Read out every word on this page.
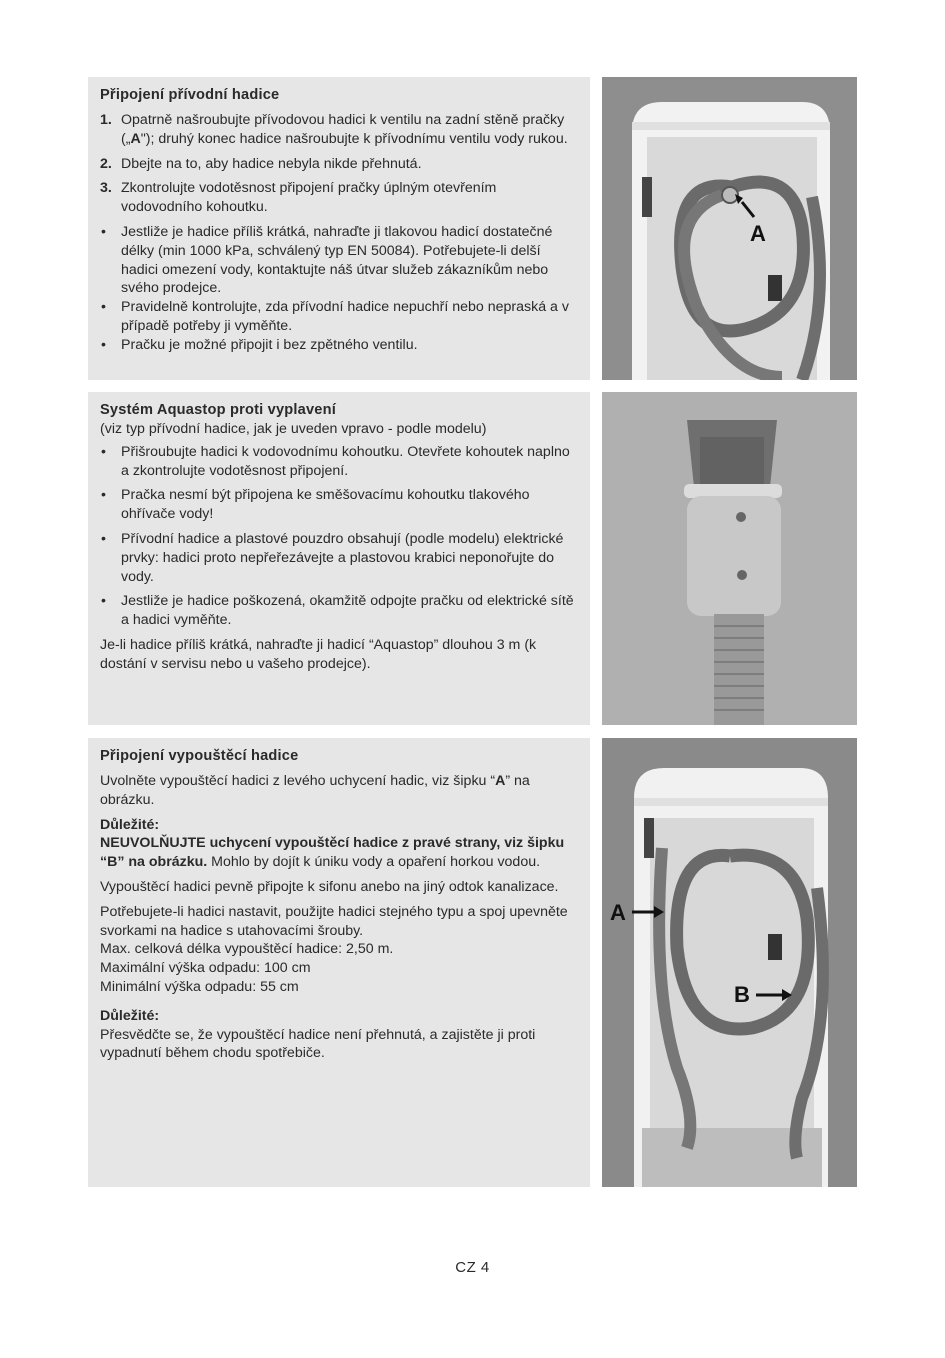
Připojení přívodní hadice
1. Opatrně našroubujte přívodovou hadici k ventilu na zadní stěně pračky („A"); druhý konec hadice našroubujte k přívodnímu ventilu vody rukou.
2. Dbejte na to, aby hadice nebyla nikde přehnutá.
3. Zkontrolujte vodotěsnost připojení pračky úplným otevřením vodovodního kohoutku.
• Jestliže je hadice příliš krátká, nahraďte ji tlakovou hadicí dostatečné délky (min 1000 kPa, schválený typ EN 50084). Potřebujete-li delší hadici omezení vody, kontaktujte náš útvar služeb zákazníkům nebo svého prodejce.
• Pravidelně kontrolujte, zda přívodní hadice nepuchří nebo nepraská a v případě potřeby ji vyměňte.
• Pračku je možné připojit i bez zpětného ventilu.
A
Systém Aquastop proti vyplavení

(viz typ přívodní hadice, jak je uveden vpravo - podle modelu)

• Přišroubujte hadici k vodovodnímu kohoutku. Otevřete kohoutek naplno a zkontrolujte vodotěsnost připojení.
• Pračka nesmí být připojena ke směšovacímu kohoutku tlakového ohřívače vody!
• Přívodní hadice a plastové pouzdro obsahují (podle modelu) elektrické prvky: hadici proto nepřeřezávejte a plastovou krabici neponořujte do vody.
• Jestliže je hadice poškozená, okamžitě odpojte pračku od elektrické sítě a hadici vyměňte.

Je-li hadice příliš krátká, nahraďte ji hadicí “Aquastop” dlouhou 3 m (k dostání v servisu nebo u vašeho prodejce).

Připojení vypouštěcí hadice

Uvolněte vypouštěcí hadici z levého uchycení hadic, viz šipku “A” na obrázku.

Důležité:
NEUVOLŇUJTE uchycení vypouštěcí hadice z pravé strany, viz šipku “B” na obrázku. Mohlo by dojít k úniku vody a opaření horkou vodou.

Vypouštěcí hadici pevně připojte k sifonu anebo na jiný odtok kanalizace.

Potřebujete-li hadici nastavit, použijte hadici stejného typu a spoj upevněte svorkami na hadice s utahovacími šrouby.
Max. celková délka vypouštěcí hadice: 2,50 m.
Maximální výška odpadu: 100 cm
Minimální výška odpadu: 55 cm

Důležité:
Přesvědčte se, že vypouštěcí hadice není přehnutá, a zajistěte ji proti vypadnutí během chodu spotřebiče.

A
B
CZ 4
